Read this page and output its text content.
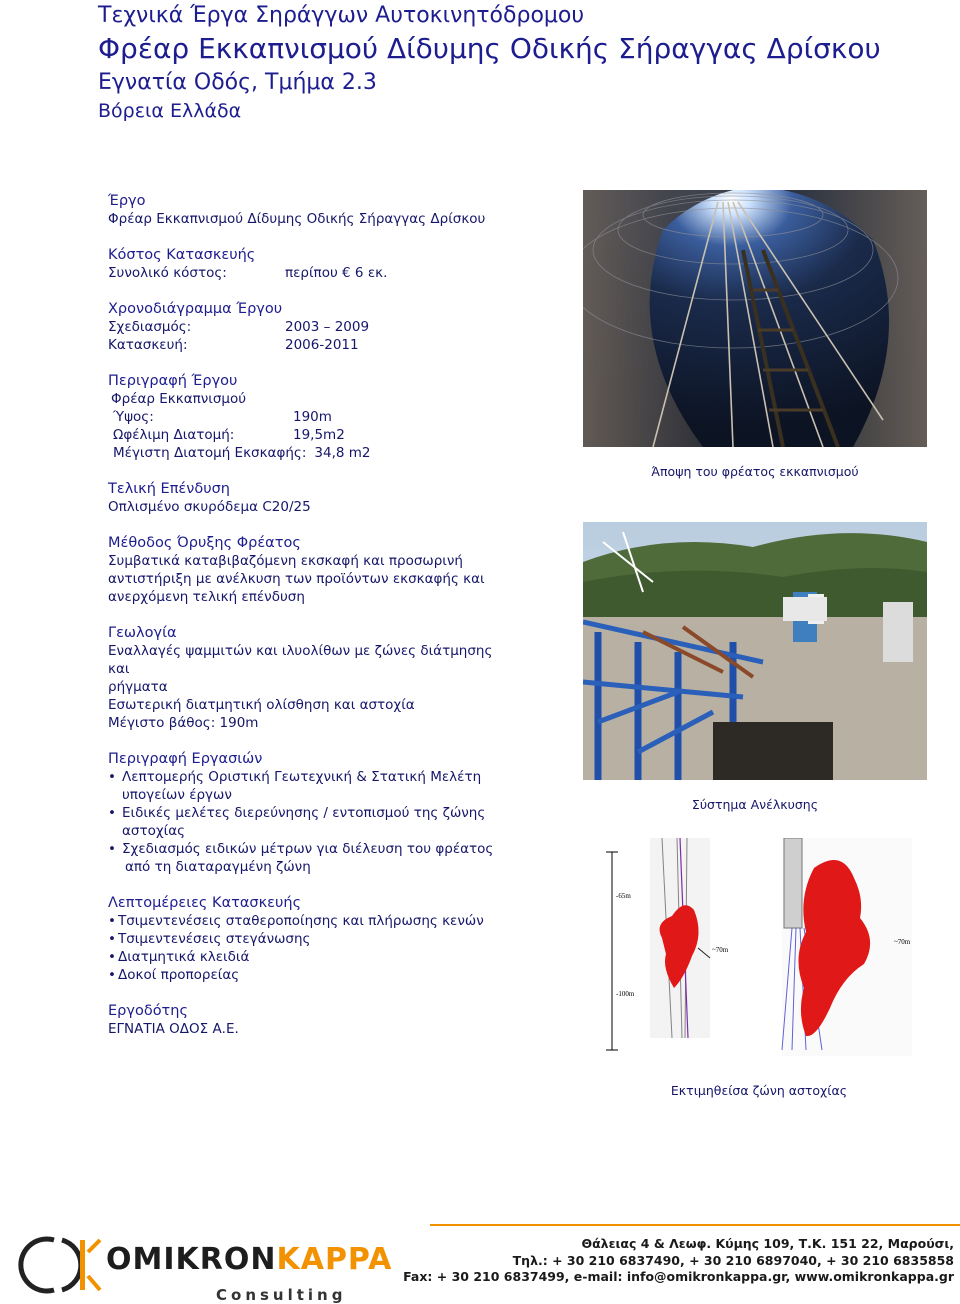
Τεχνικά Έργα Σηράγγων Αυτοκινητόδρομου
Φρέαρ Εκκαπνισμού Δίδυμης Οδικής Σήραγγας Δρίσκου
Εγνατία Οδός, Τμήμα 2.3
Βόρεια Ελλάδα
Έργο
Φρέαρ Εκκαπνισμού Δίδυμης Οδικής Σήραγγας Δρίσκου
Κόστος Κατασκευής
Συνολικό κόστος:	περίπου € 6 εκ.
Χρονοδιάγραμμα Έργου
Σχεδιασμός:	2003 – 2009
Κατασκευή:	2006-2011
Περιγραφή Έργου
Φρέαρ Εκκαπνισμού
Ύψος:	190m
Ωφέλιμη Διατομή:	19,5m2
Μέγιστη Διατομή Εκσκαφής: 34,8 m2
Τελική Επένδυση
Οπλισμένο σκυρόδεμα C20/25
Μέθοδος Όρυξης Φρέατος
Συμβατικά καταβιβαζόμενη εκσκαφή και προσωρινή
αντιστήριξη με ανέλκυση των προϊόντων εκσκαφής και
ανερχόμενη τελική επένδυση
Γεωλογία
Εναλλαγές ψαμμιτών και ιλυολίθων με ζώνες διάτμησης και
ρήγματα
Εσωτερική διατμητική ολίσθηση και αστοχία
Μέγιστο βάθος: 190m
Περιγραφή Εργασιών
• Λεπτομερής Οριστική Γεωτεχνική & Στατική Μελέτη
υπογείων έργων
• Ειδικές μελέτες διερεύνησης / εντοπισμού της ζώνης
αστοχίας
• Σχεδιασμός ειδικών μέτρων για διέλευση του φρέατος
από τη διαταραγμένη ζώνη
Λεπτομέρειες Κατασκευής
• Τσιμεντενέσεις σταθεροποίησης και πλήρωσης κενών
• Τσιμεντενέσεις στεγάνωσης
• Διατμητικά κλειδιά
• Δοκοί προπορείας
Εργοδότης
ΕΓΝΑΤΙΑ ΟΔΟΣ Α.Ε.
Άποψη του φρέατος εκκαπνισμού
Σύστημα Ανέλκυσης
-65m
~70m
-100m
~70m
Εκτιμηθείσα ζώνη αστοχίας
OMIKRONKAPPA
Consulting
Θάλειας 4 & Λεωφ. Κύμης 109, Τ.Κ. 151 22, Μαρούσι,
Τηλ.: + 30 210 6837490, + 30 210 6897040, + 30 210 6835858
Fax: + 30 210 6837499, e-mail: info@omikronkappa.gr, www.omikronkappa.gr
